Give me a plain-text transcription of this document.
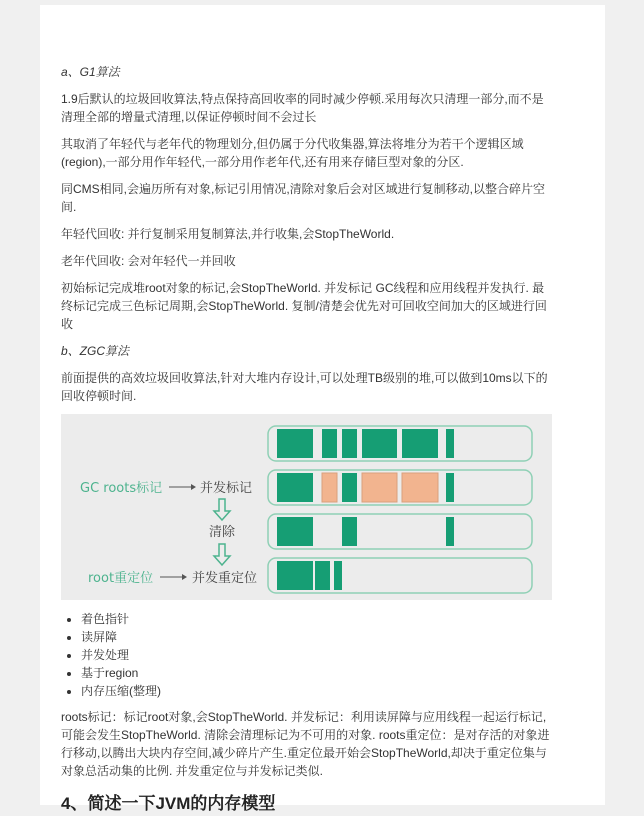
a、G1算法

1.9后默认的垃圾回收算法,特点保持高回收率的同时减少停顿.采用每次只清理一部分,而不是清理全部的增量式清理,以保证停顿时间不会过长

其取消了年轻代与老年代的物理划分,但仍属于分代收集器,算法将堆分为若干个逻辑区域(region),一部分用作年轻代,一部分用作老年代,还有用来存储巨型对象的分区.

同CMS相同,会遍历所有对象,标记引用情况,清除对象后会对区域进行复制移动,以整合碎片空间.

年轻代回收: 并行复制采用复制算法,并行收集,会StopTheWorld.

老年代回收: 会对年轻代一并回收

初始标记完成堆root对象的标记,会StopTheWorld. 并发标记 GC线程和应用线程并发执行. 最终标记完成三色标记周期,会StopTheWorld. 复制/清楚会优先对可回收空间加大的区域进行回收

b、ZGC算法

前面提供的高效垃圾回收算法,针对大堆内存设计,可以处理TB级别的堆,可以做到10ms以下的回收停顿时间.

GC roots标记	并发标记
清除
root重定位	并发重定位
• 着色指针
• 读屏障
• 并发处理
• 基于region
• 内存压缩(整理)

roots标记：标记root对象,会StopTheWorld. 并发标记：利用读屏障与应用线程一起运行标记,可能会发生StopTheWorld. 清除会清理标记为不可用的对象. roots重定位：是对存活的对象进行移动,以腾出大块内存空间,减少碎片产生.重定位最开始会StopTheWorld,却决于重定位集与对象总活动集的比例. 并发重定位与并发标记类似.

4、简述一下JVM的内存模型
